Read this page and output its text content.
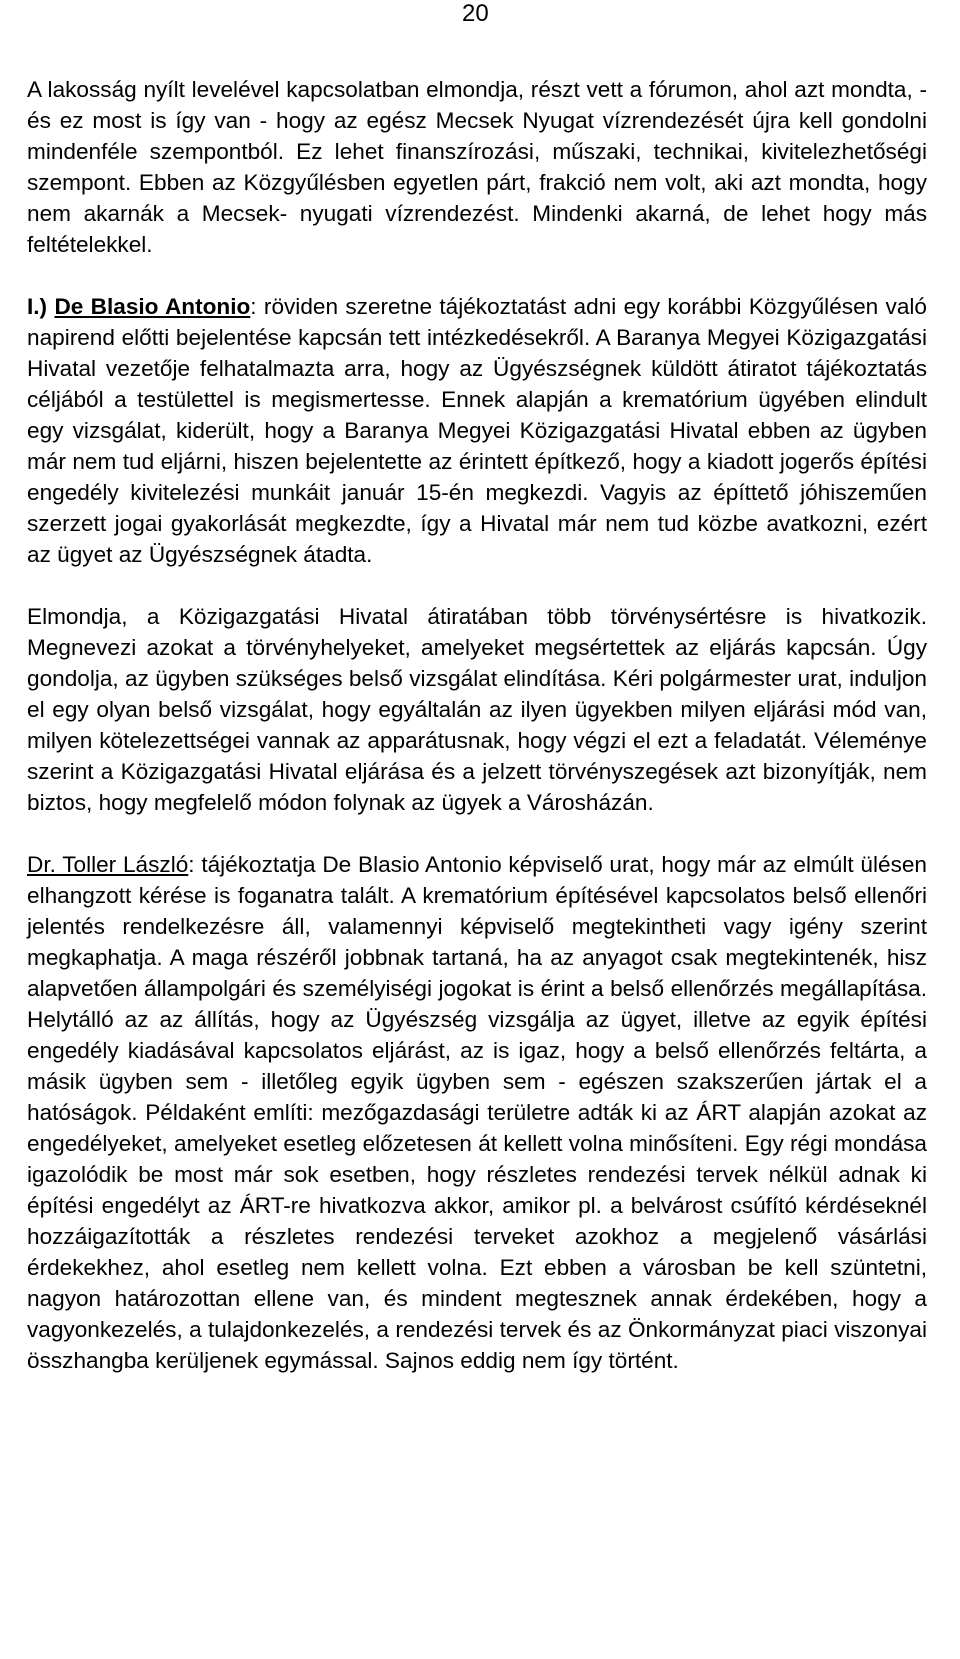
20

A lakosság nyílt levelével kapcsolatban elmondja, részt vett a fórumon, ahol azt mondta, - és ez most is így van - hogy az egész Mecsek Nyugat vízrendezését újra kell gondolni mindenféle szempontból. Ez lehet finanszírozási, műszaki, technikai, kivitelezhetőségi szempont. Ebben az Közgyűlésben egyetlen párt, frakció nem volt, aki azt mondta, hogy nem akarnák a Mecsek- nyugati vízrendezést. Mindenki akarná, de lehet hogy más feltételekkel.

I.) De Blasio Antonio: röviden szeretne tájékoztatást adni egy korábbi Közgyűlésen való napirend előtti bejelentése kapcsán tett intézkedésekről. A Baranya Megyei Közigazgatási Hivatal vezetője felhatalmazta arra, hogy az Ügyészségnek küldött átiratot tájékoztatás céljából a testülettel is megismertesse. Ennek alapján a krematórium ügyében elindult egy vizsgálat, kiderült, hogy a Baranya Megyei Közigazgatási Hivatal ebben az ügyben már nem tud eljárni, hiszen bejelentette az érintett építkező, hogy a kiadott jogerős építési engedély kivitelezési munkáit január 15-én megkezdi. Vagyis az építtető jóhiszeműen szerzett jogai gyakorlását megkezdte, így a Hivatal már nem tud közbe avatkozni, ezért az ügyet az Ügyészségnek átadta.

Elmondja, a Közigazgatási Hivatal átiratában több törvénysértésre is hivatkozik. Megnevezi azokat a törvényhelyeket, amelyeket megsértettek az eljárás kapcsán. Úgy gondolja, az ügyben szükséges belső vizsgálat elindítása. Kéri polgármester urat, induljon el egy olyan belső vizsgálat, hogy egyáltalán az ilyen ügyekben milyen eljárási mód van, milyen kötelezettségei vannak az apparátusnak, hogy végzi el ezt a feladatát. Véleménye szerint a Közigazgatási Hivatal eljárása és a jelzett törvényszegések azt bizonyítják, nem biztos, hogy megfelelő módon folynak az ügyek a Városházán.

Dr. Toller László: tájékoztatja De Blasio Antonio képviselő urat, hogy már az elmúlt ülésen elhangzott kérése is foganatra talált. A krematórium építésével kapcsolatos belső ellenőri jelentés rendelkezésre áll, valamennyi képviselő megtekintheti vagy igény szerint megkaphatja. A maga részéről jobbnak tartaná, ha az anyagot csak megtekintenék, hisz alapvetően állampolgári és személyiségi jogokat is érint a belső ellenőrzés megállapítása. Helytálló az az állítás, hogy az Ügyészség vizsgálja az ügyet, illetve az egyik építési engedély kiadásával kapcsolatos eljárást, az is igaz, hogy a belső ellenőrzés feltárta, a másik ügyben sem - illetőleg egyik ügyben sem - egészen szakszerűen jártak el a hatóságok. Példaként említi: mezőgazdasági területre adták ki az ÁRT alapján azokat az engedélyeket, amelyeket esetleg előzetesen át kellett volna minősíteni. Egy régi mondása igazolódik be most már sok esetben, hogy részletes rendezési tervek nélkül adnak ki építési engedélyt az ÁRT-re hivatkozva akkor, amikor pl. a belvárost csúfító kérdéseknél hozzáigazították a részletes rendezési terveket azokhoz a megjelenő vásárlási érdekekhez, ahol esetleg nem kellett volna. Ezt ebben a városban be kell szüntetni, nagyon határozottan ellene van, és mindent megtesznek annak érdekében, hogy a vagyonkezelés, a tulajdonkezelés, a rendezési tervek és az Önkormányzat piaci viszonyai összhangba kerüljenek egymással. Sajnos eddig nem így történt.
